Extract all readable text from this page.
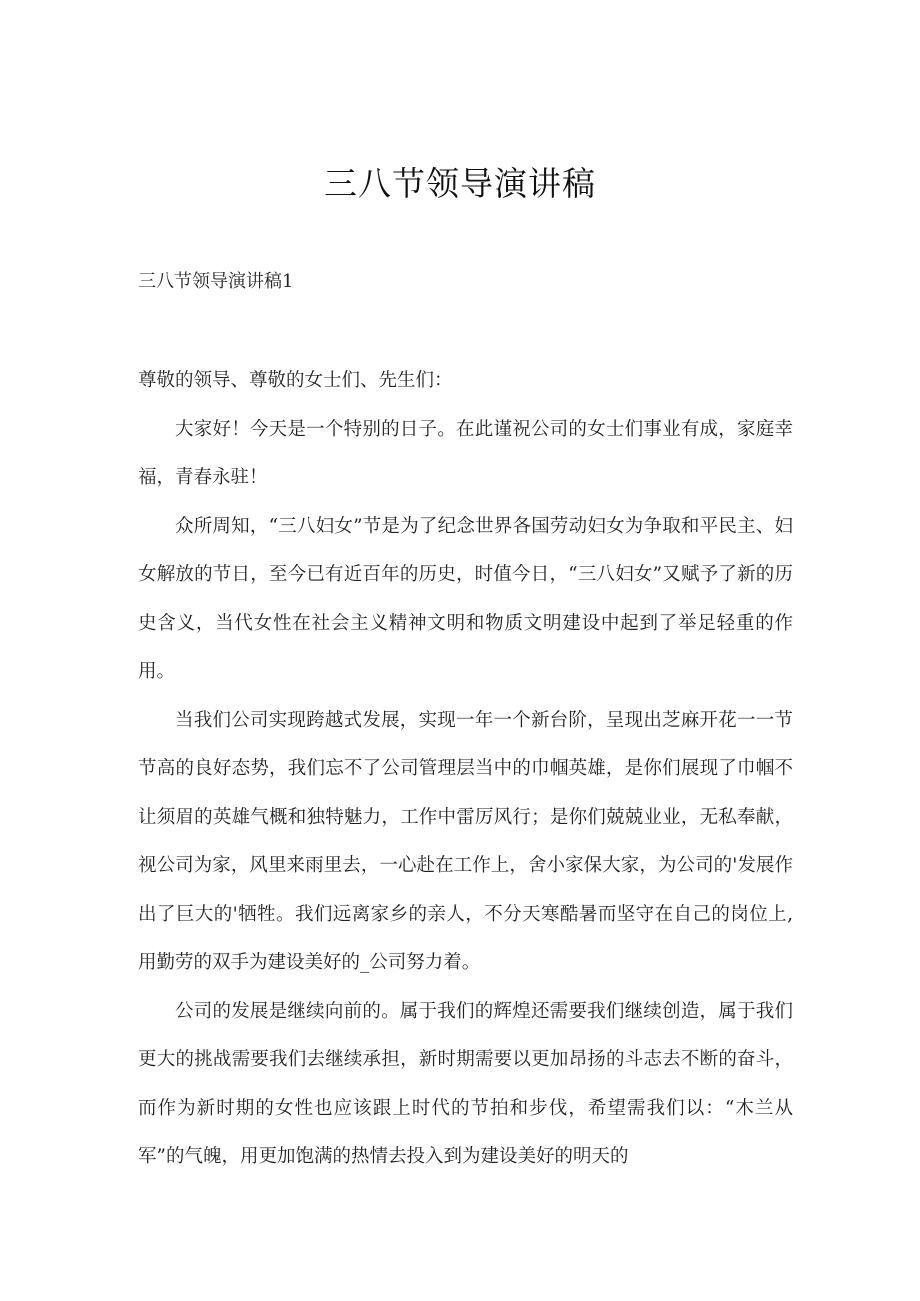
三八节领导演讲稿
三八节领导演讲稿1

尊敬的领导、尊敬的女士们、先生们：

大家好！今天是一个特别的日子。在此谨祝公司的女士们事业有成，家庭幸福，青春永驻！

众所周知，“三八妇女”节是为了纪念世界各国劳动妇女为争取和平民主、妇女解放的节日，至今已有近百年的历史，时值今日，“三八妇女”又赋予了新的历史含义，当代女性在社会主义精神文明和物质文明建设中起到了举足轻重的作用。

当我们公司实现跨越式发展，实现一年一个新台阶，呈现出芝麻开花一一节节高的良好态势，我们忘不了公司管理层当中的巾帼英雄，是你们展现了巾帼不让须眉的英雄气概和独特魅力，工作中雷厉风行；是你们兢兢业业，无私奉献，视公司为家，风里来雨里去，一心赴在工作上，舍小家保大家，为公司的'发展作出了巨大的'牺牲。我们远离家乡的亲人，不分天寒酷暑而坚守在自己的岗位上,用勤劳的双手为建设美好的_公司努力着。

公司的发展是继续向前的。属于我们的辉煌还需要我们继续创造，属于我们更大的挑战需要我们去继续承担，新时期需要以更加昂扬的斗志去不断的奋斗，而作为新时期的女性也应该跟上时代的节拍和步伐，希望需我们以：“木兰从军”的气魄，用更加饱满的热情去投入到为建设美好的明天的
